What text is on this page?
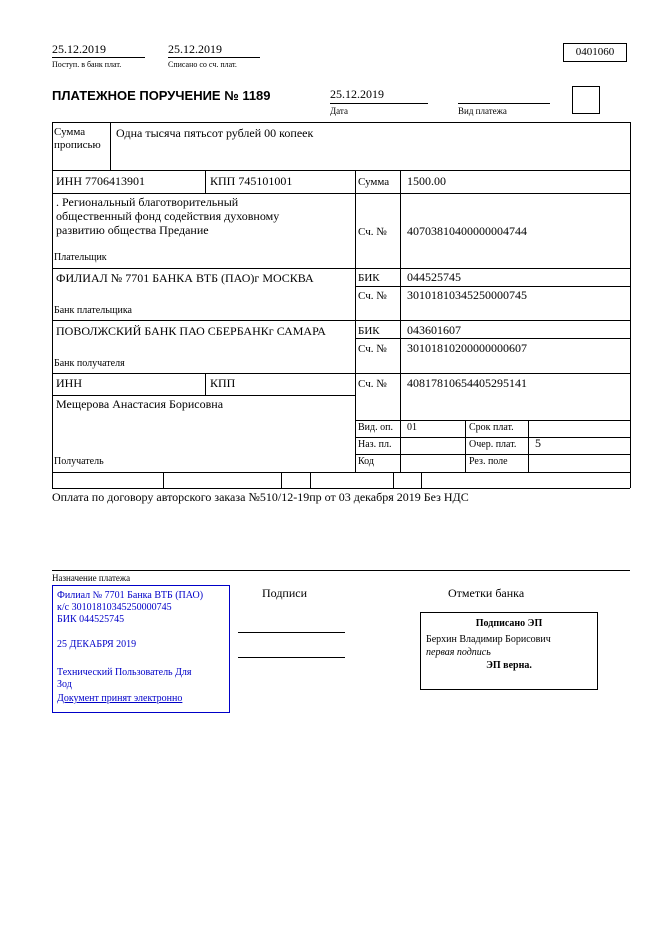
25.12.2019
Поступ. в банк плат.
25.12.2019
Списано со сч. плат.
0401060
ПЛАТЕЖНОЕ ПОРУЧЕНИЕ № 1189	25.12.2019
Дата	Вид платежа
Сумма
прописью
Одна тысяча пятьсот рублей 00 копеек
ИНН 7706413901	КПП 745101001	Сумма 1500.00
. Региональный благотворительный
общественный фонд содействия духовному
развитию общества Предание	Сч. № 40703810400000004744
Плательщик
ФИЛИАЛ № 7701 БАНКА ВТБ (ПАО)г МОСКВА	БИК 044525745
Сч. № 30101810345250000745
Банк плательщика
ПОВОЛЖСКИЙ БАНК ПАО СБЕРБАНКг САМАРА	БИК 043601607
Сч. № 30101810200000000607
Банк получателя
ИНН	КПП	Сч. № 40817810654405295141
Мещерова Анастасия Борисовна
Получатель
Вид. оп. 01	Срок плат.
Наз. пл.	Очер. плат. 5
Код	Рез. поле
Оплата по договору авторского заказа №510/12-19пр от 03 декабря 2019 Без НДС
Назначение платежа
Филиал № 7701 Банка ВТБ (ПАО)
к/с 30101810345250000745
БИК 044525745
25 ДЕКАБРЯ 2019
Технический Пользователь Для
Зод
Документ принят электронно
Подписи	Отметки банка
Подписано ЭП
Берхин Владимир Борисович
первая подпись
ЭП верна.
